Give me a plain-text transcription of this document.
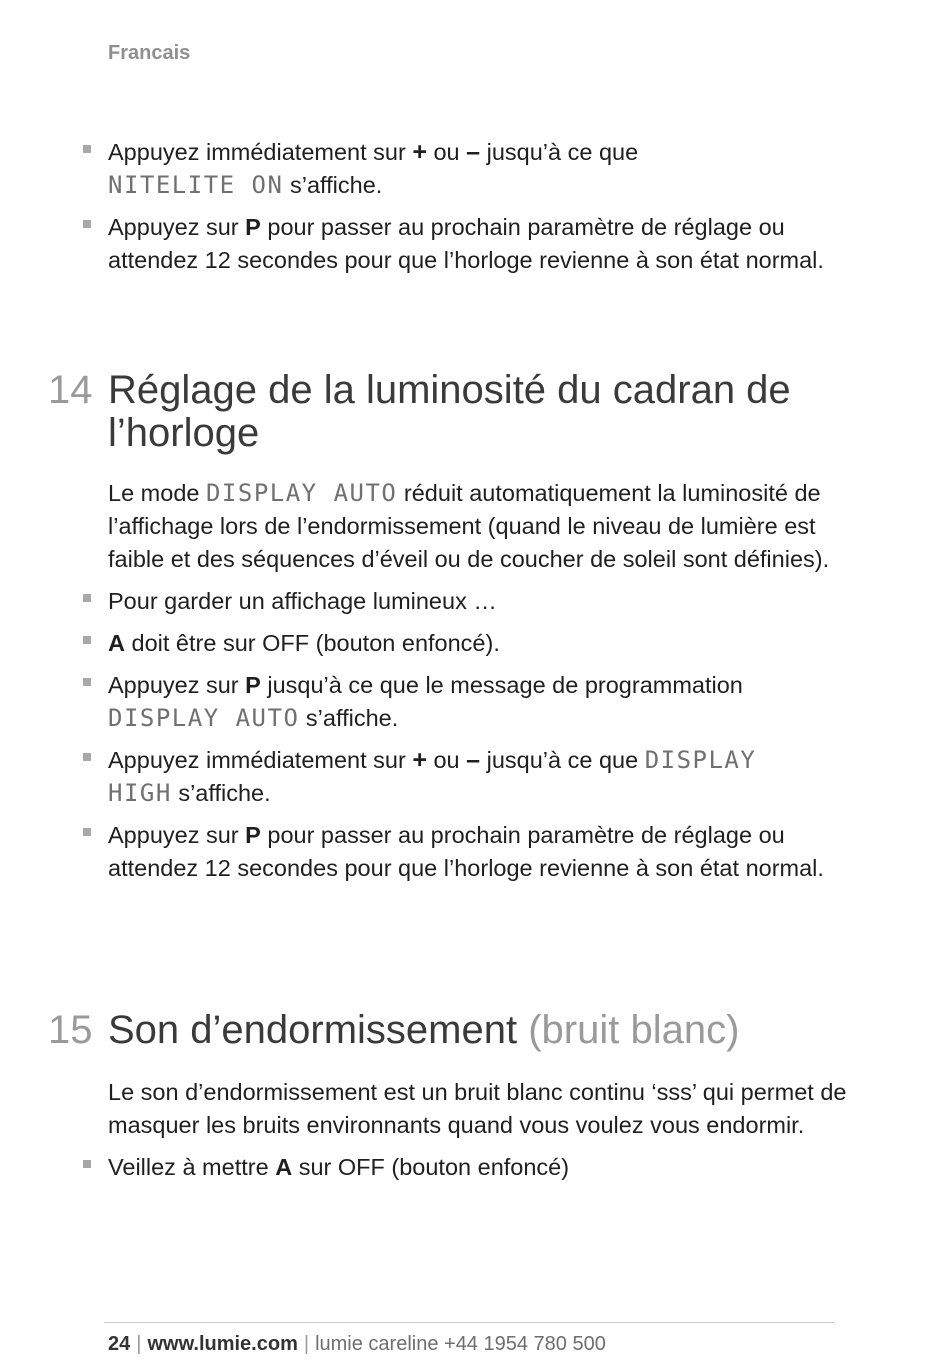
Francais
Appuyez immédiatement sur + ou – jusqu’à ce que
NITELITE ON s’affiche.
Appuyez sur P pour passer au prochain paramètre de réglage ou attendez 12 secondes pour que l’horloge revienne à son état normal.
14 Réglage de la luminosité du cadran de l’horloge

Le mode DISPLAY AUTO réduit automatiquement la luminosité de l’affichage lors de l’endormissement (quand le niveau de lumière est faible et des séquences d’éveil ou de coucher de soleil sont définies).

Pour garder un affichage lumineux …
A doit être sur OFF (bouton enfoncé).
Appuyez sur P jusqu’à ce que le message de programmation
DISPLAY AUTO s’affiche.
Appuyez immédiatement sur + ou – jusqu’à ce que DISPLAY
HIGH s’affiche.
Appuyez sur P pour passer au prochain paramètre de réglage ou attendez 12 secondes pour que l’horloge revienne à son état normal.
15 Son d’endormissement (bruit blanc)

Le son d’endormissement est un bruit blanc continu ‘sss’ qui permet de masquer les bruits environnants quand vous voulez vous endormir.

Veillez à mettre A sur OFF (bouton enfoncé)
24 | www.lumie.com | lumie careline +44 1954 780 500
